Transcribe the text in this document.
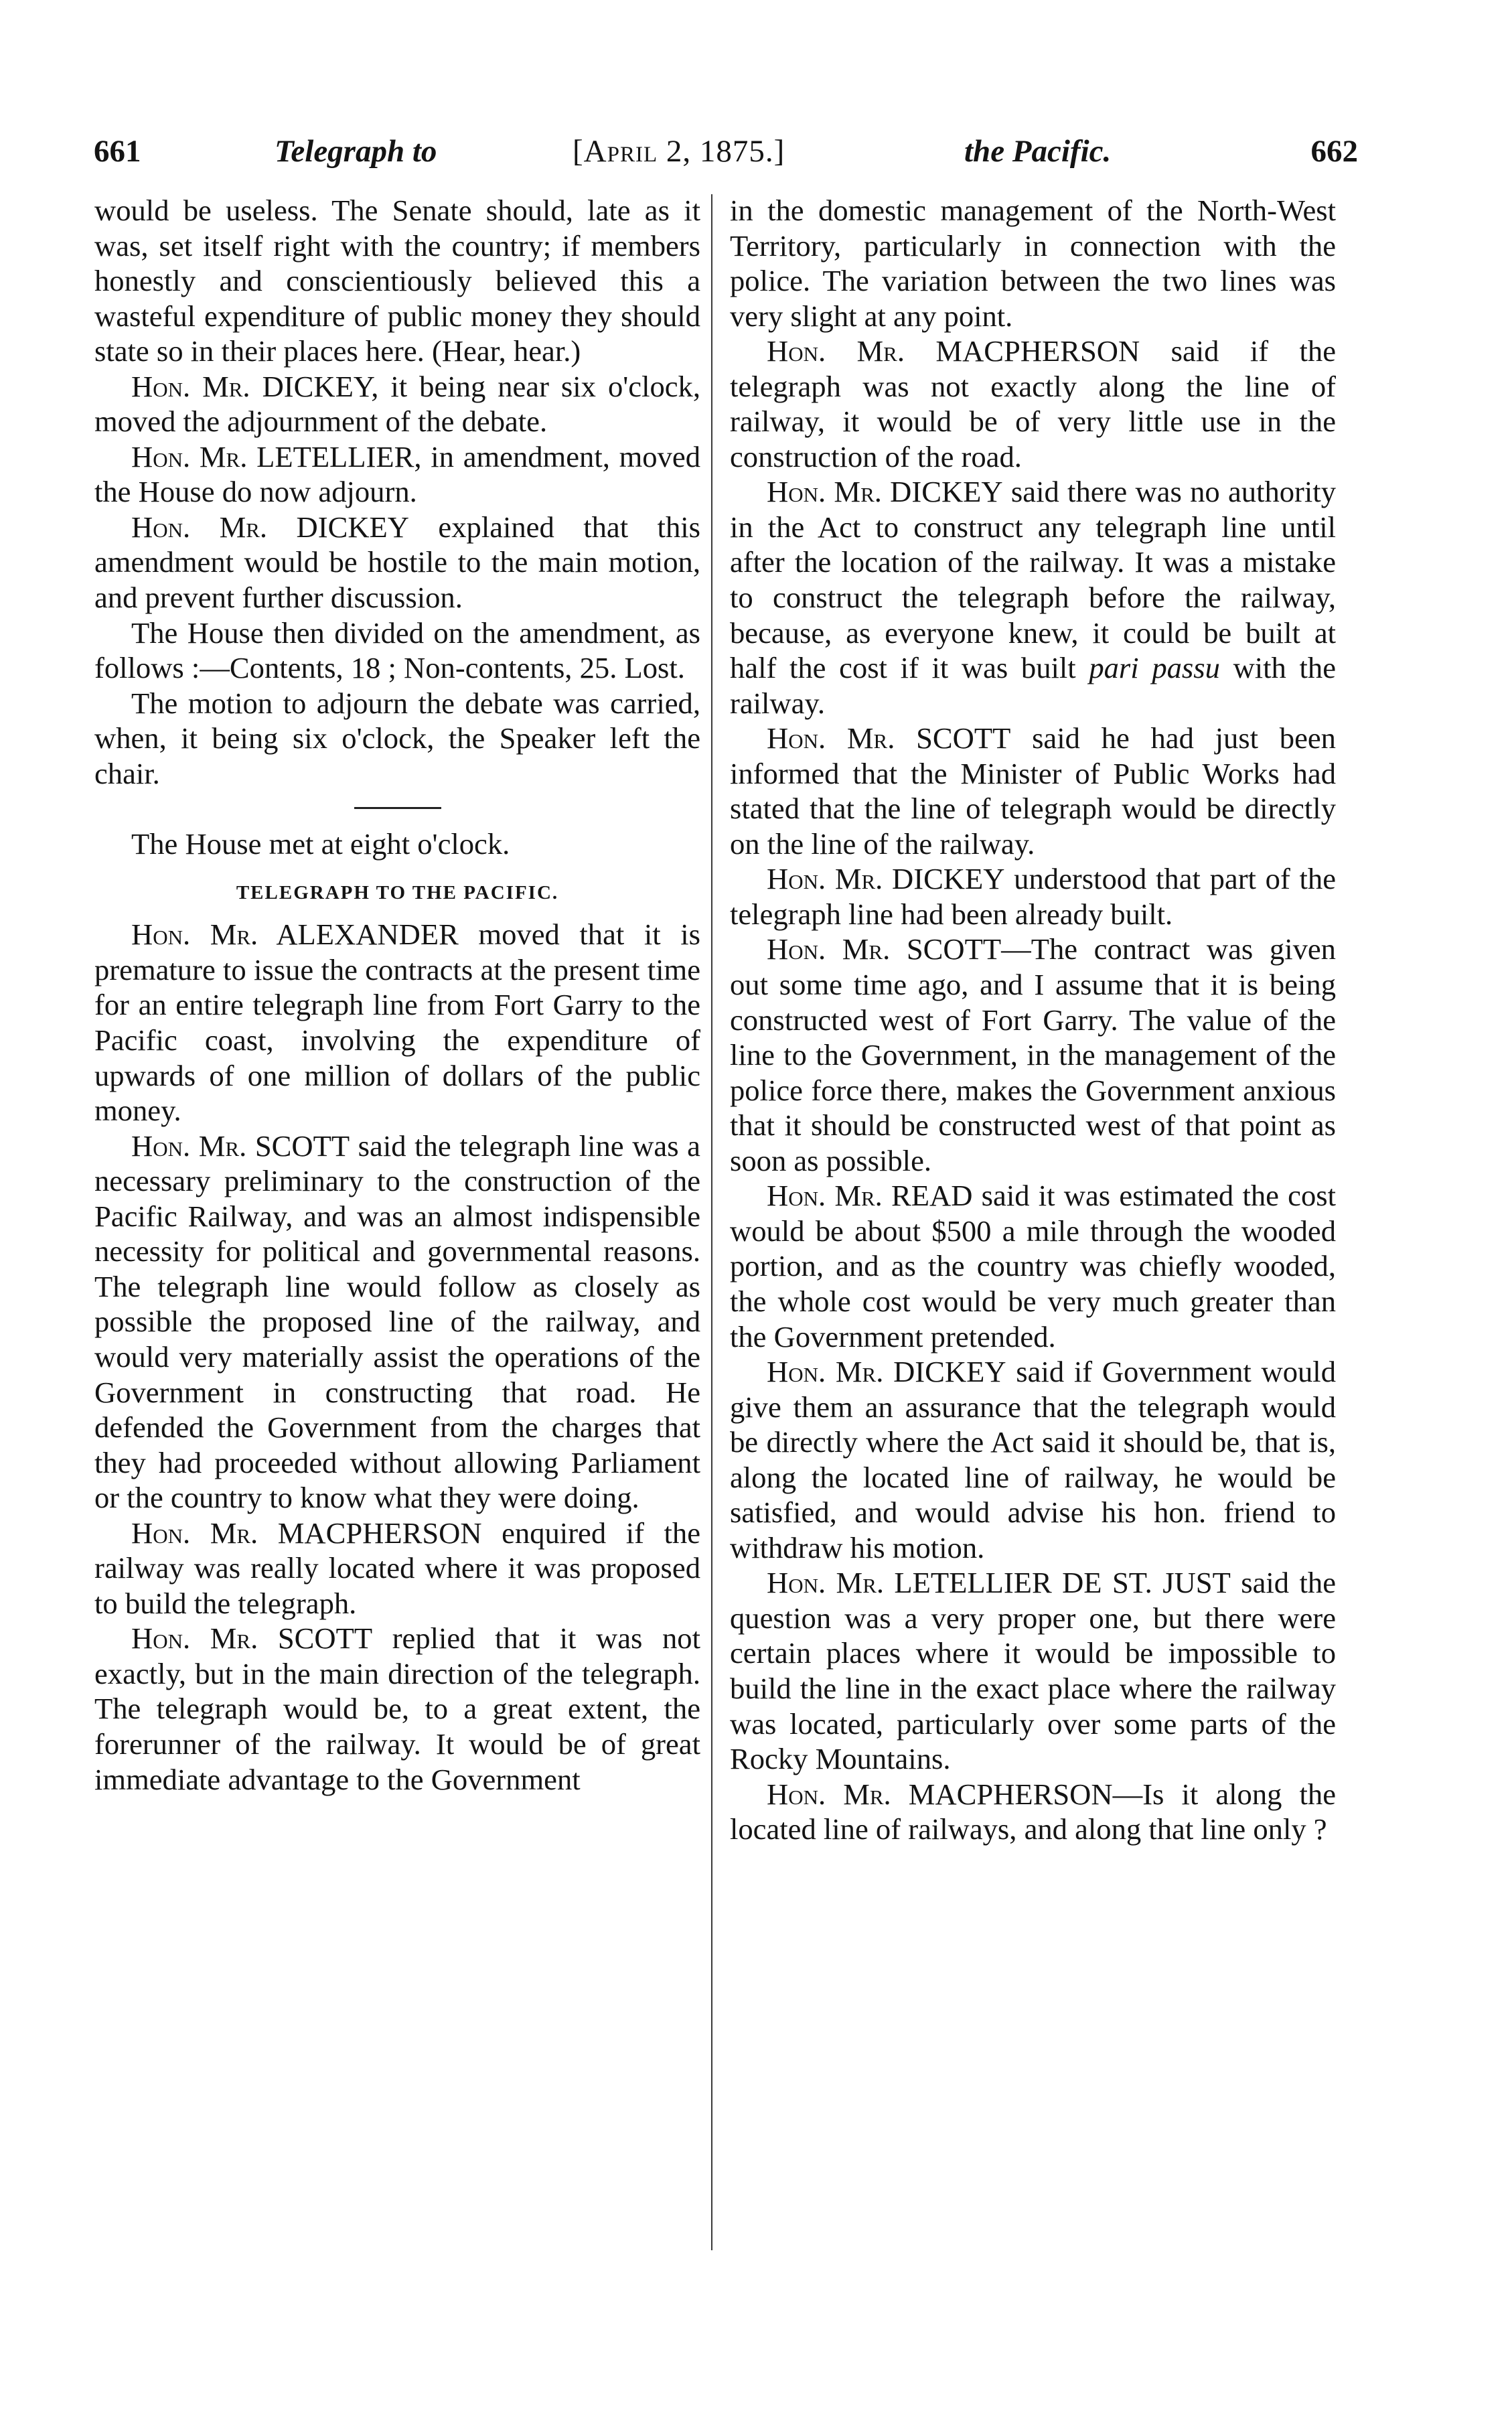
661	Telegraph to	[April 2, 1875.]	the Pacific.	662

would be useless. The Senate should, late as it was, set itself right with the country; if members honestly and conscientiously believed this a wasteful expenditure of public money they should state so in their places here. (Hear, hear.)

Hon. Mr. DICKEY, it being near six o'clock, moved the adjournment of the debate.

Hon. Mr. LETELLIER, in amendment, moved the House do now adjourn.

Hon. Mr. DICKEY explained that this amendment would be hostile to the main motion, and prevent further discussion.

The House then divided on the amendment, as follows :—Contents, 18 ; Non-contents, 25. Lost.

The motion to adjourn the debate was carried, when, it being six o'clock, the Speaker left the chair.

The House met at eight o'clock.

TELEGRAPH TO THE PACIFIC.

Hon. Mr. ALEXANDER moved that it is premature to issue the contracts at the present time for an entire telegraph line from Fort Garry to the Pacific coast, involving the expenditure of upwards of one million of dollars of the public money.

Hon. Mr. SCOTT said the telegraph line was a necessary preliminary to the construction of the Pacific Railway, and was an almost indispensible necessity for political and governmental reasons. The telegraph line would follow as closely as possible the proposed line of the railway, and would very materially assist the operations of the Government in constructing that road. He defended the Government from the charges that they had proceeded without allowing Parliament or the country to know what they were doing.

Hon. Mr. MACPHERSON enquired if the railway was really located where it was proposed to build the telegraph.

Hon. Mr. SCOTT replied that it was not exactly, but in the main direction of the telegraph. The telegraph would be, to a great extent, the forerunner of the railway. It would be of great immediate advantage to the Government

in the domestic management of the North-West Territory, particularly in connection with the police. The variation between the two lines was very slight at any point.

Hon. Mr. MACPHERSON said if the telegraph was not exactly along the line of railway, it would be of very little use in the construction of the road.

Hon. Mr. DICKEY said there was no authority in the Act to construct any telegraph line until after the location of the railway. It was a mistake to construct the telegraph before the railway, because, as everyone knew, it could be built at half the cost if it was built pari passu with the railway.

Hon. Mr. SCOTT said he had just been informed that the Minister of Public Works had stated that the line of telegraph would be directly on the line of the railway.

Hon. Mr. DICKEY understood that part of the telegraph line had been already built.

Hon. Mr. SCOTT—The contract was given out some time ago, and I assume that it is being constructed west of Fort Garry. The value of the line to the Government, in the management of the police force there, makes the Government anxious that it should be constructed west of that point as soon as possible.

Hon. Mr. READ said it was estimated the cost would be about $500 a mile through the wooded portion, and as the country was chiefly wooded, the whole cost would be very much greater than the Government pretended.

Hon. Mr. DICKEY said if Government would give them an assurance that the telegraph would be directly where the Act said it should be, that is, along the located line of railway, he would be satisfied, and would advise his hon. friend to withdraw his motion.

Hon. Mr. LETELLIER DE ST. JUST said the question was a very proper one, but there were certain places where it would be impossible to build the line in the exact place where the railway was located, particularly over some parts of the Rocky Mountains.

Hon. Mr. MACPHERSON—Is it along the located line of railways, and along that line only ?
